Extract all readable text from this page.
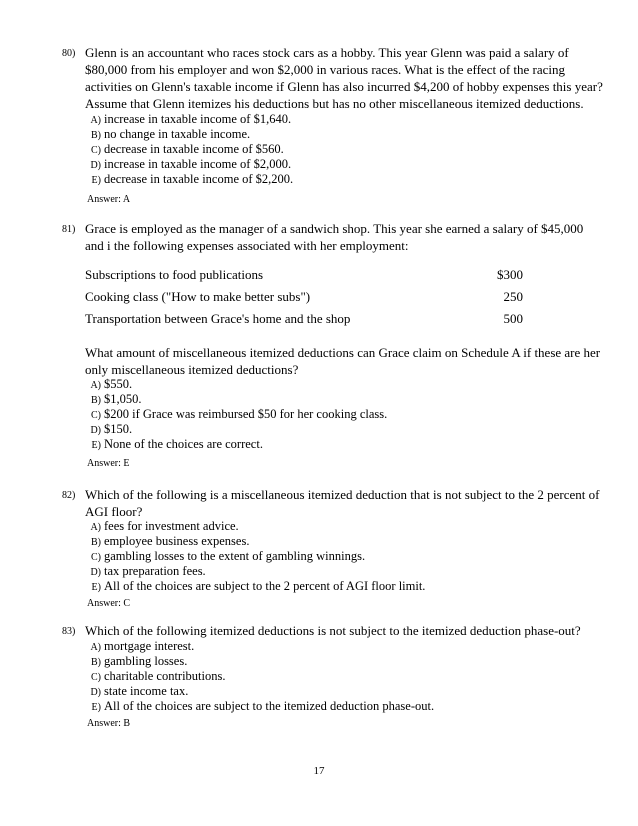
80) Glenn is an accountant who races stock cars as a hobby. This year Glenn was paid a salary of $80,000 from his employer and won $2,000 in various races. What is the effect of the racing activities on Glenn's taxable income if Glenn has also incurred $4,200 of hobby expenses this year? Assume that Glenn itemizes his deductions but has no other miscellaneous itemized deductions.
A) increase in taxable income of $1,640.
B) no change in taxable income.
C) decrease in taxable income of $560.
D) increase in taxable income of $2,000.
E) decrease in taxable income of $2,200.
Answer: A
81) Grace is employed as the manager of a sandwich shop. This year she earned a salary of $45,000 and i the following expenses associated with her employment:
Subscriptions to food publications	$300
Cooking class ("How to make better subs")	250
Transportation between Grace's home and the shop	500
What amount of miscellaneous itemized deductions can Grace claim on Schedule A if these are her only miscellaneous itemized deductions?
A) $550.
B) $1,050.
C) $200 if Grace was reimbursed $50 for her cooking class.
D) $150.
E) None of the choices are correct.
Answer: E
82) Which of the following is a miscellaneous itemized deduction that is not subject to the 2 percent of AGI floor?
A) fees for investment advice.
B) employee business expenses.
C) gambling losses to the extent of gambling winnings.
D) tax preparation fees.
E) All of the choices are subject to the 2 percent of AGI floor limit.
Answer: C
83) Which of the following itemized deductions is not subject to the itemized deduction phase-out?
A) mortgage interest.
B) gambling losses.
C) charitable contributions.
D) state income tax.
E) All of the choices are subject to the itemized deduction phase-out.
Answer: B
17
